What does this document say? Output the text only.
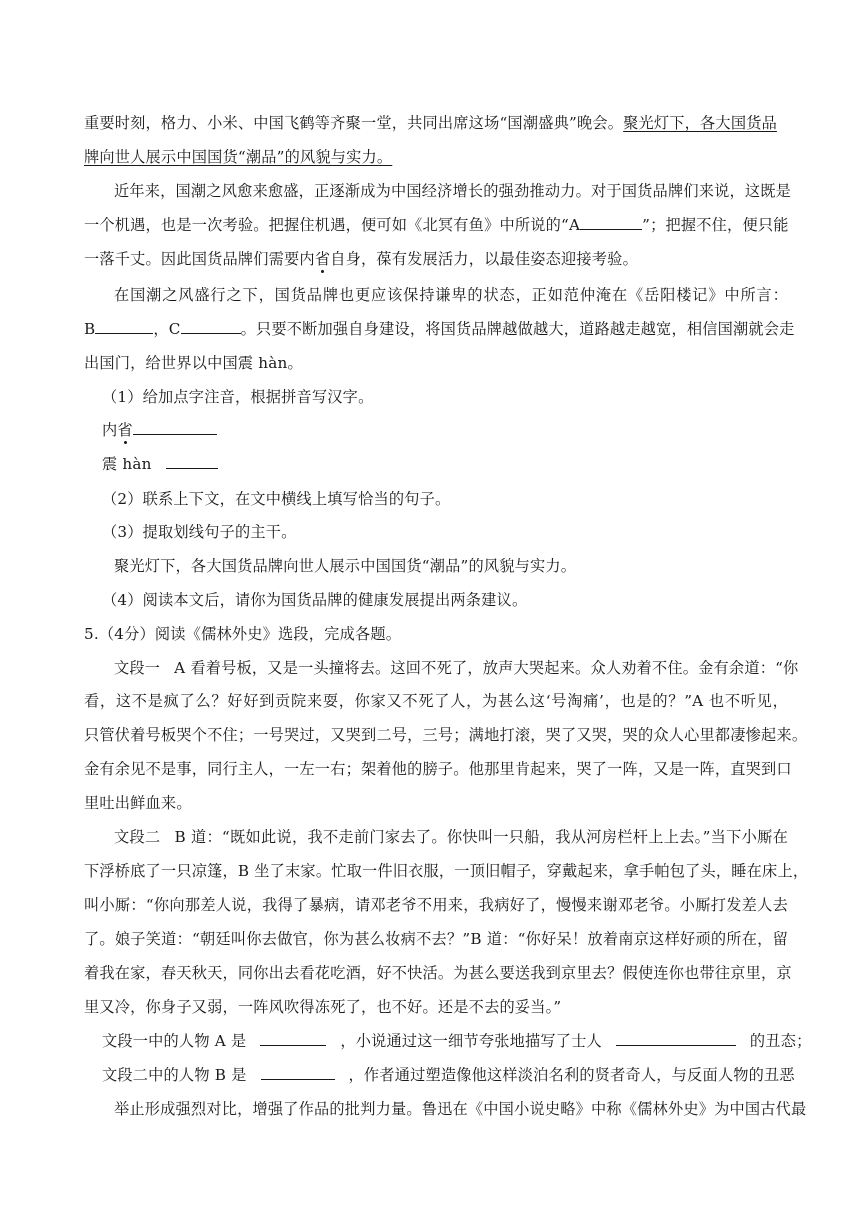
重要时刻，格力、小米、中国飞鹤等齐聚一堂，共同出席这场“国潮盛典”晚会。聚光灯下，各大国货品
牌向世人展示中国国货“潮品”的风貌与实力。
近年来，国潮之风愈来愈盛，正逐渐成为中国经济增长的强劲推动力。对于国货品牌们来说，这既是
一个机遇，也是一次考验。把握住机遇，便可如《北冥有鱼》中所说的“A	”；把握不住，便只能
一落千丈。因此国货品牌们需要内省自身，葆有发展活力，以最佳姿态迎接考验。
在国潮之风盛行之下，国货品牌也更应该保持谦卑的状态，正如范仲淹在《岳阳楼记》中所言：
B	，C	。只要不断加强自身建设，将国货品牌越做越大，道路越走越宽，相信国潮就会走
出国门，给世界以中国震 hàn。
（1）给加点字注音，根据拼音写汉字。
内省
震 hàn
（2）联系上下文，在文中横线上填写恰当的句子。
（3）提取划线句子的主干。
聚光灯下，各大国货品牌向世人展示中国国货“潮品”的风貌与实力。
（4）阅读本文后，请你为国货品牌的健康发展提出两条建议。
5.（4分）阅读《儒林外史》选段，完成各题。
文段一 A 看着号板，又是一头撞将去。这回不死了，放声大哭起来。众人劝着不住。金有余道：“你
看，这不是疯了么？好好到贡院来耍，你家又不死了人，为甚么这‘号淘痛’，也是的？”A 也不听见，
只管伏着号板哭个不住；一号哭过，又哭到二号，三号；满地打滚，哭了又哭，哭的众人心里都凄惨起来。
金有余见不是事，同行主人，一左一右；架着他的膀子。他那里肯起来，哭了一阵，又是一阵，直哭到口
里吐出鲜血来。
文段二 B 道：“既如此说，我不走前门家去了。你快叫一只船，我从河房栏杆上上去。”当下小厮在
下浮桥底了一只凉篷，B 坐了末家。忙取一件旧衣服，一顶旧帽子，穿戴起来，拿手帕包了头，睡在床上，
叫小厮：“你向那差人说，我得了暴病，请邓老爷不用来，我病好了，慢慢来谢邓老爷。小厮打发差人去
了。娘子笑道：“朝廷叫你去做官，你为甚么妆病不去？”B 道：“你好呆！放着南京这样好顽的所在，留
着我在家，春天秋天，同你出去看花吃酒，好不快活。为甚么要送我到京里去？假使连你也带往京里，京
里又冷，你身子又弱，一阵风吹得冻死了，也不好。还是不去的妥当。”
文段一中的人物 A 是	，小说通过这一细节夸张地描写了士人	的丑态；
文段二中的人物 B 是	，作者通过塑造像他这样淡泊名利的贤者奇人，与反面人物的丑恶
举止形成强烈对比，增强了作品的批判力量。鲁迅在《中国小说史略》中称《儒林外史》为中国古代最
